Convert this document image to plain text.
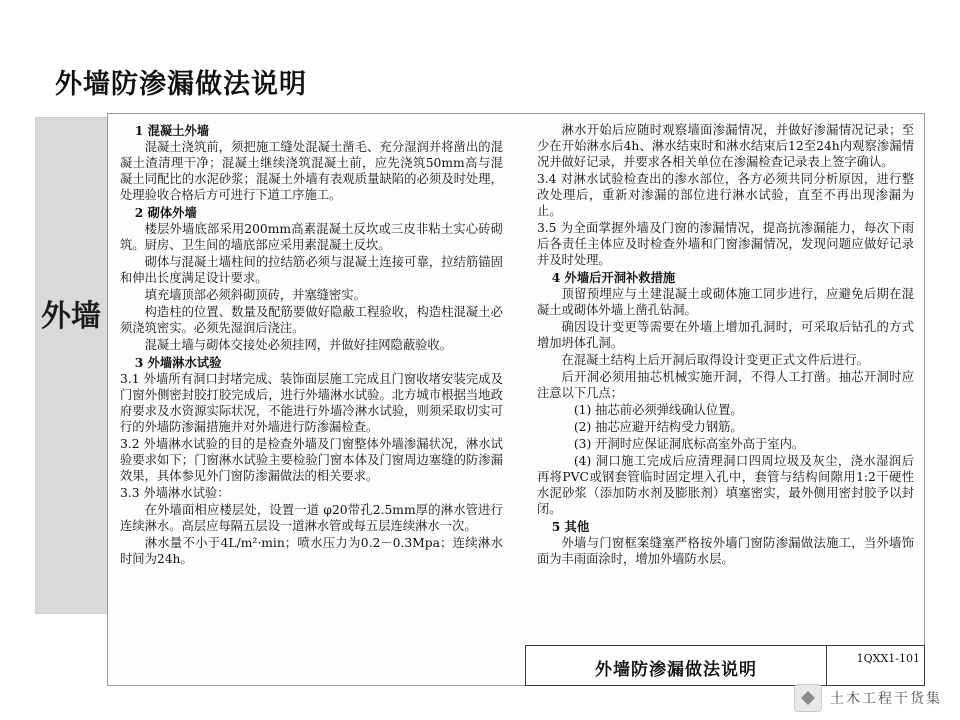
外墙防渗漏做法说明
外墙

1 混凝土外墙

混凝土浇筑前，须把施工缝处混凝土凿毛、充分湿润并将凿出的混凝土渣清理干净；混凝土继续浇筑混凝土前，应先浇筑50mm高与混凝土同配比的水泥砂浆；混凝土外墙有表观质量缺陷的必须及时处理，处理验收合格后方可进行下道工序施工。

2 砌体外墙

楼层外墙底部采用200mm高素混凝土反坎或三皮非粘土实心砖砌筑。厨房、卫生间的墙底部应采用素混凝土反坎。

砌体与混凝土墙柱间的拉结筋必须与混凝土连接可靠，拉结筋锚固和伸出长度满足设计要求。

填充墙顶部必须斜砌顶砖，并塞缝密实。

构造柱的位置、数量及配筋要做好隐蔽工程验收，构造柱混凝土必须浇筑密实。必须先湿润后浇注。

混凝土墙与砌体交接处必须挂网，并做好挂网隐蔽验收。

3 外墙淋水试验

3.1 外墙所有洞口封堵完成、装饰面层施工完成且门窗收堵安装完成及门窗外侧密封胶打胶完成后，进行外墙淋水试验。北方城市根据当地政府要求及水资源实际状况，不能进行外墙冷淋水试验，则须采取切实可行的外墙防渗漏措施并对外墙进行防渗漏检查。

3.2 外墙淋水试验的目的是检查外墙及门窗整体外墙渗漏状况，淋水试验要求如下；门窗淋水试验主要检验门窗本体及门窗周边塞缝的防渗漏效果，具体参见外门窗防渗漏做法的相关要求。

3.3 外墙淋水试验：

在外墙面相应楼层处，设置一道 φ20带孔2.5mm厚的淋水管进行连续淋水。高层应每隔五层设一道淋水管或每五层连续淋水一次。

淋水量不小于4L/m²·min；喷水压力为0.2－0.3Mpa；连续淋水时间为24h。

淋水开始后应随时观察墙面渗漏情况，并做好渗漏情况记录；至少在开始淋水后4h、淋水结束时和淋水结束后12至24h内观察渗漏情况并做好记录，并要求各相关单位在渗漏检查记录表上签字确认。

3.4 对淋水试验检查出的渗水部位，各方必须共同分析原因，进行整改处理后，重新对渗漏的部位进行淋水试验，直至不再出现渗漏为止。

3.5 为全面掌握外墙及门窗的渗漏情况，提高抗渗漏能力，每次下雨后各责任主体应及时检查外墙和门窗渗漏情况，发现问题应做好记录并及时处理。

4 外墙后开洞补救措施

顶留预埋应与土建混凝土或砌体施工同步进行，应避免后期在混凝土或砌体外墙上凿孔钻洞。

确因设计变更等需要在外墙上增加孔洞时，可采取后钻孔的方式增加坍体孔洞。

在混凝土结构上后开洞后取得设计变更正式文件后进行。

后开洞必须用抽芯机械实施开洞，不得人工打凿。抽芯开洞时应注意以下几点；

(1) 抽芯前必须弹线确认位置。

(2) 抽芯应避开结构受力钢筋。

(3) 开洞时应保证洞底标高室外高于室内。

(4) 洞口施工完成后应清理洞口四周垃圾及灰尘，浇水湿润后再将PVC或钢套管临时固定埋入孔中，套管与结构间隙用1:2干硬性水泥砂浆（添加防水剂及膨胀剂）填塞密实，最外侧用密封胶予以封闭。

5 其他

外墙与门窗框案缝塞严格按外墙门窗防渗漏做法施工，当外墙饰面为丰雨面涂时，增加外墙防水层。

外墙防渗漏做法说明
1QXX1-101
土木工程干货集
